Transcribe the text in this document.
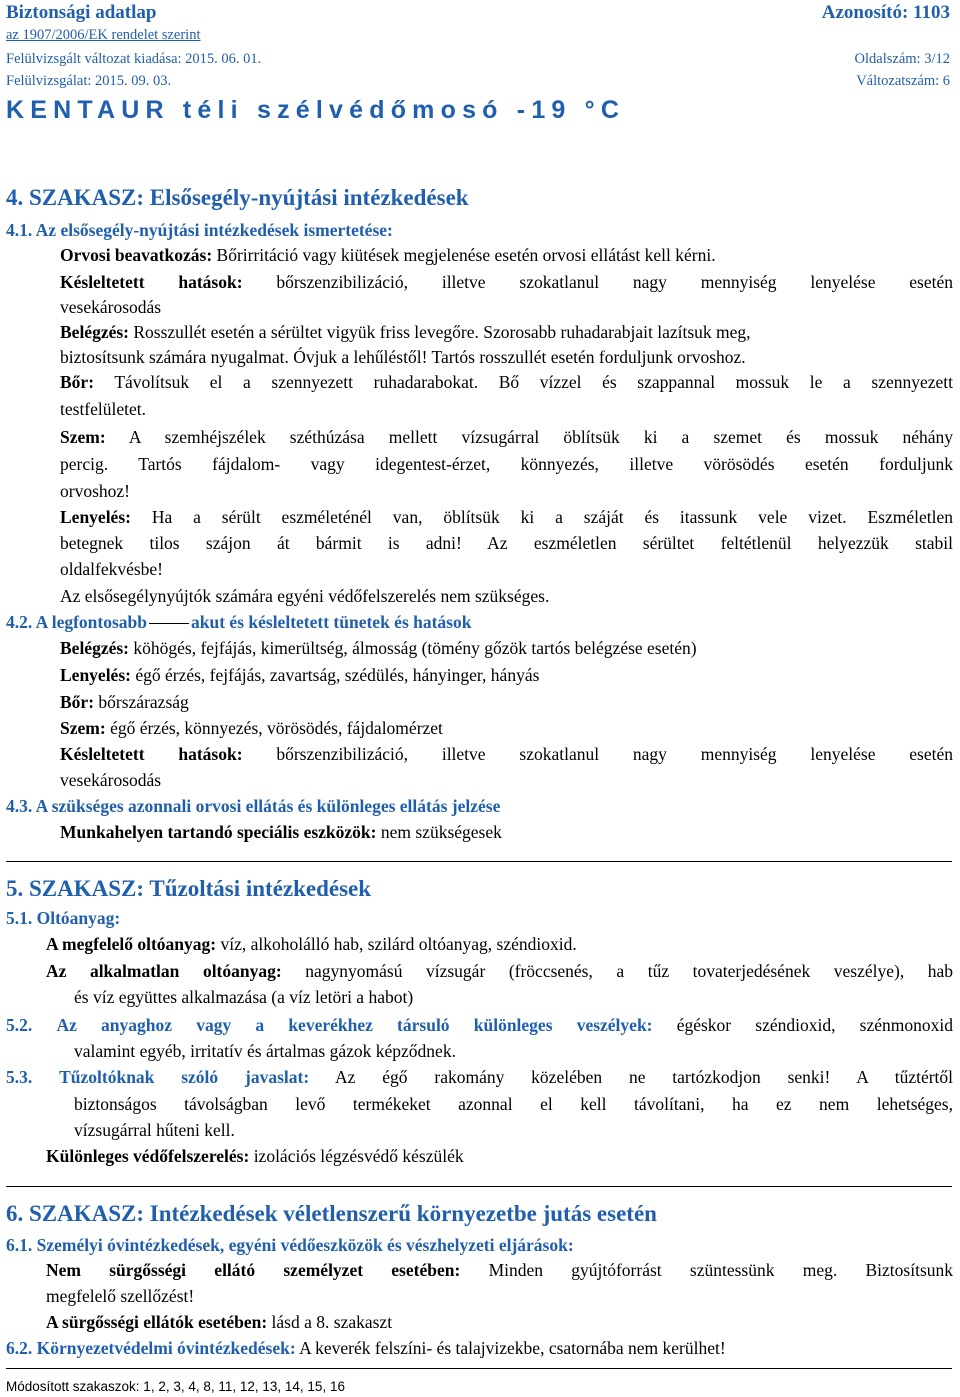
Biztonsági adatlap	Azonosító: 1103
az 1907/2006/EK rendelet szerint
Felülvizsgált változat kiadása: 2015. 06. 01.	Oldalszám: 3/12
Felülvizsgálat: 2015. 09. 03.	Változatszám: 6
KENTAUR téli szélvédőmosó -19 °C
4. SZAKASZ: Elsősegély-nyújtási intézkedések
4.1. Az elsősegély-nyújtási intézkedések ismertetése:
Orvosi beavatkozás: Bőrirritáció vagy kiütések megjelenése esetén orvosi ellátást kell kérni.
Késleltetett hatások: bőrszenzibilizáció, illetve szokatlanul nagy mennyiség lenyelése esetén
vesekárosodás
Belégzés: Rosszullét esetén a sérültet vigyük friss levegőre. Szorosabb ruhadarabjait lazítsuk meg,
biztosítsunk számára nyugalmat. Óvjuk a lehűléstől! Tartós rosszullét esetén forduljunk orvoshoz.
Bőr: Távolítsuk el a szennyezett ruhadarabokat. Bő vízzel és szappannal mossuk le a szennyezett
testfelületet.
Szem: A szemhéjszélek széthúzása mellett vízsugárral öblítsük ki a szemet és mossuk néhány
percig. Tartós fájdalom- vagy idegentest-érzet, könnyezés, illetve vörösödés esetén forduljunk
orvoshoz!
Lenyelés: Ha a sérült eszméleténél van, öblítsük ki a száját és itassunk vele vizet. Eszméletlen
betegnek tilos szájon át bármit is adni! Az eszméletlen sérültet feltétlenül helyezzük stabil
oldalfekvésbe!
Az elsősegélynyújtók számára egyéni védőfelszerelés nem szükséges.
4.2. A legfontosabb	akut és késleltetett tünetek és hatások
Belégzés: köhögés, fejfájás, kimerültség, álmosság (tömény gőzök tartós belégzése esetén)
Lenyelés: égő érzés, fejfájás, zavartság, szédülés, hányinger, hányás
Bőr: bőrszárazság
Szem: égő érzés, könnyezés, vörösödés, fájdalomérzet
Késleltetett hatások: bőrszenzibilizáció, illetve szokatlanul nagy mennyiség lenyelése esetén
vesekárosodás
4.3. A szükséges azonnali orvosi ellátás és különleges ellátás jelzése
Munkahelyen tartandó speciális eszközök: nem szükségesek
5. SZAKASZ: Tűzoltási intézkedések
5.1. Oltóanyag:
A megfelelő oltóanyag: víz, alkoholálló hab, szilárd oltóanyag, széndioxid.
Az alkalmatlan oltóanyag: nagynyomású vízsugár (fröccsenés, a tűz tovaterjedésének veszélye), hab
és víz együttes alkalmazása (a víz letöri a habot)
5.2. Az anyaghoz vagy a keverékhez társuló különleges veszélyek: égéskor széndioxid, szénmonoxid
valamint egyéb, irritatív és ártalmas gázok képződnek.
5.3. Tűzoltóknak szóló javaslat: Az égő rakomány közelében ne tartózkodjon senki! A tűztértől
biztonságos távolságban levő termékeket azonnal el kell távolítani, ha ez nem lehetséges,
vízsugárral hűteni kell.
Különleges védőfelszerelés: izolációs légzésvédő készülék
6. SZAKASZ: Intézkedések véletlenszerű környezetbe jutás esetén
6.1. Személyi óvintézkedések, egyéni védőeszközök és vészhelyzeti eljárások:
Nem sürgősségi ellátó személyzet esetében: Minden gyújtóforrást szüntessünk meg. Biztosítsunk
megfelelő szellőzést!
A sürgősségi ellátók esetében: lásd a 8. szakaszt
6.2. Környezetvédelmi óvintézkedések: A keverék felszíni- és talajvizekbe, csatornába nem kerülhet!
Módosított szakaszok: 1, 2, 3, 4, 8, 11, 12, 13, 14, 15, 16
